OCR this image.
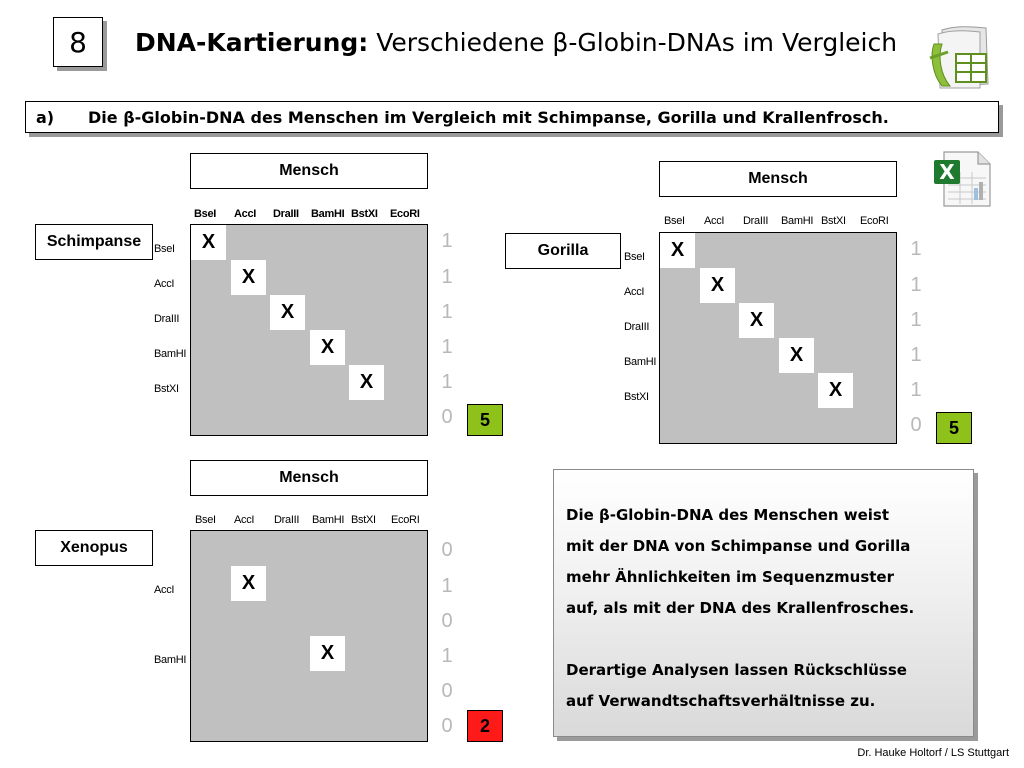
8 DNA-Kartierung: Verschiedene β-Globin-DNAs im Vergleich
a)	Die β-Globin-DNA des Menschen im Vergleich mit Schimpanse, Gorilla und Krallenfrosch.
Mensch
BseI AccI DraIII BamHI BstXI EcoRI
Schimpanse BseI
AccI
DraIII
BamHI
BstXI
X
X
X
X
X
1
1
1
1
1
0 5
Mensch
BseI AccI DraIII BamHI BstXI EcoRI
Gorilla	BseI
AccI
DraIII
BamHI
BstXI
X
X
X
X
X
1
1
1
1
1
0 5
X
Mensch
BseI AccI DraIII BamHI BstXI EcoRI
Xenopus
AccI
BamHI
X
X
0
1
0
1
0
0 2

Die β-Globin-DNA des Menschen weist

mit der DNA von Schimpanse und Gorilla

mehr Ähnlichkeiten im Sequenzmuster

auf, als mit der DNA des Krallenfrosches.

Derartige Analysen lassen Rückschlüsse

auf Verwandtschaftsverhältnisse zu.

Dr. Hauke Holtorf / LS Stuttgart
